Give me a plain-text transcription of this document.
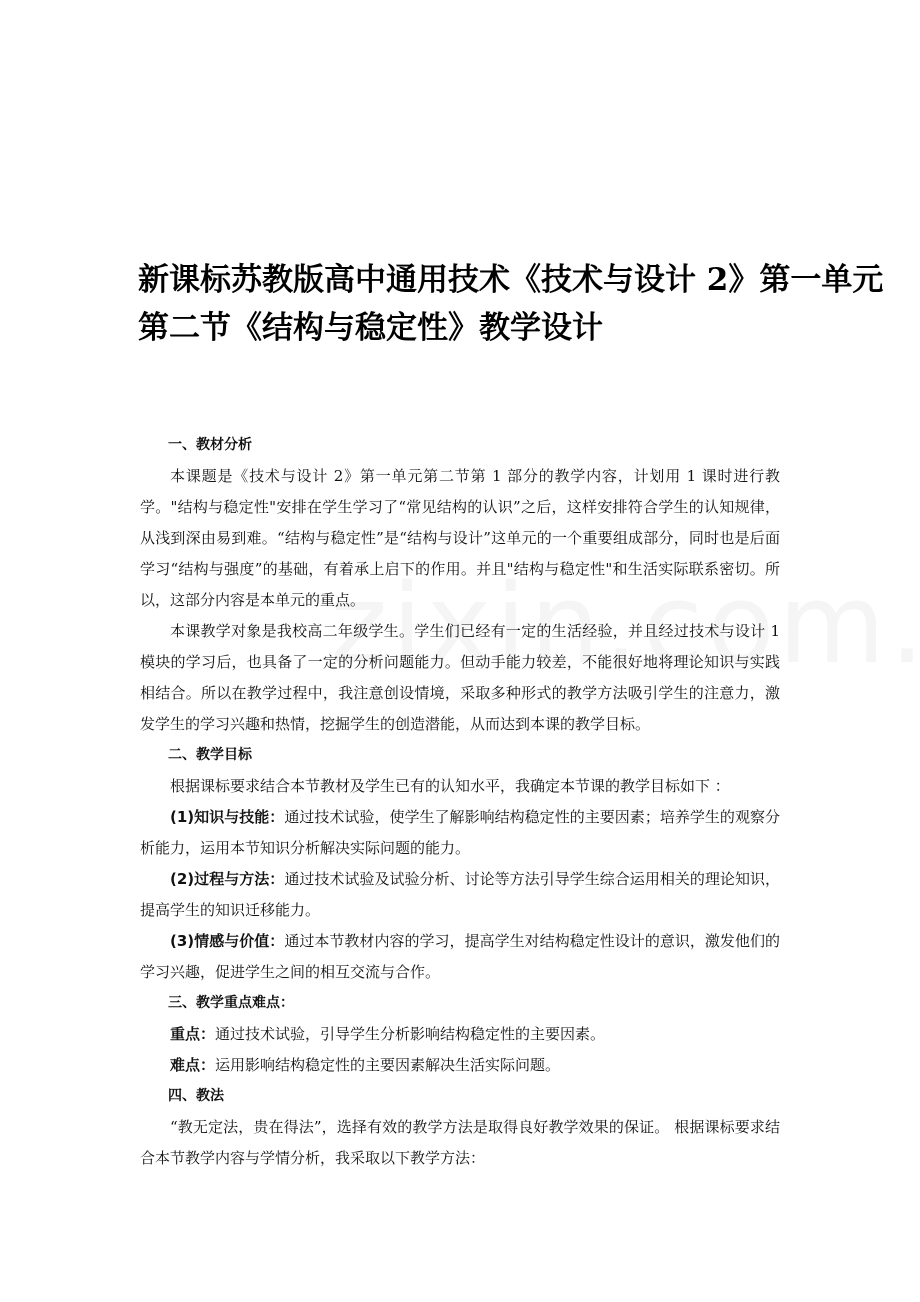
新课标苏教版高中通用技术《技术与设计 2》第一单元
第二节《结构与稳定性》教学设计

一、教材分析

本课题是《技术与设计 2》第一单元第二节第 1 部分的教学内容，计划用 1 课时进行教学。"结构与稳定性"安排在学生学习了“常见结构的认识”之后，这样安排符合学生的认知规律，从浅到深由易到难。“结构与稳定性”是“结构与设计”这单元的一个重要组成部分，同时也是后面学习“结构与强度”的基础，有着承上启下的作用。并且"结构与稳定性"和生活实际联系密切。所以，这部分内容是本单元的重点。

本课教学对象是我校高二年级学生。学生们已经有一定的生活经验，并且经过技术与设计 1 模块的学习后，也具备了一定的分析问题能力。但动手能力较差，不能很好地将理论知识与实践相结合。所以在教学过程中，我注意创设情境，采取多种形式的教学方法吸引学生的注意力，激发学生的学习兴趣和热情，挖掘学生的创造潜能，从而达到本课的教学目标。

二、教学目标

根据课标要求结合本节教材及学生已有的认知水平，我确定本节课的教学目标如下 ：

(1)知识与技能：通过技术试验，使学生了解影响结构稳定性的主要因素；培养学生的观察分析能力，运用本节知识分析解决实际问题的能力。

(2)过程与方法：通过技术试验及试验分析、讨论等方法引导学生综合运用相关的理论知识，提高学生的知识迁移能力。

(3)情感与价值：通过本节教材内容的学习，提高学生对结构稳定性设计的意识，激发他们的学习兴趣，促进学生之间的相互交流与合作。

三、教学重点难点：

重点：通过技术试验，引导学生分析影响结构稳定性的主要因素。

难点：运用影响结构稳定性的主要因素解决生活实际问题。

四、教法

“教无定法，贵在得法”，选择有效的教学方法是取得良好教学效果的保证。 根据课标要求结合本节教学内容与学情分析，我采取以下教学方法：
